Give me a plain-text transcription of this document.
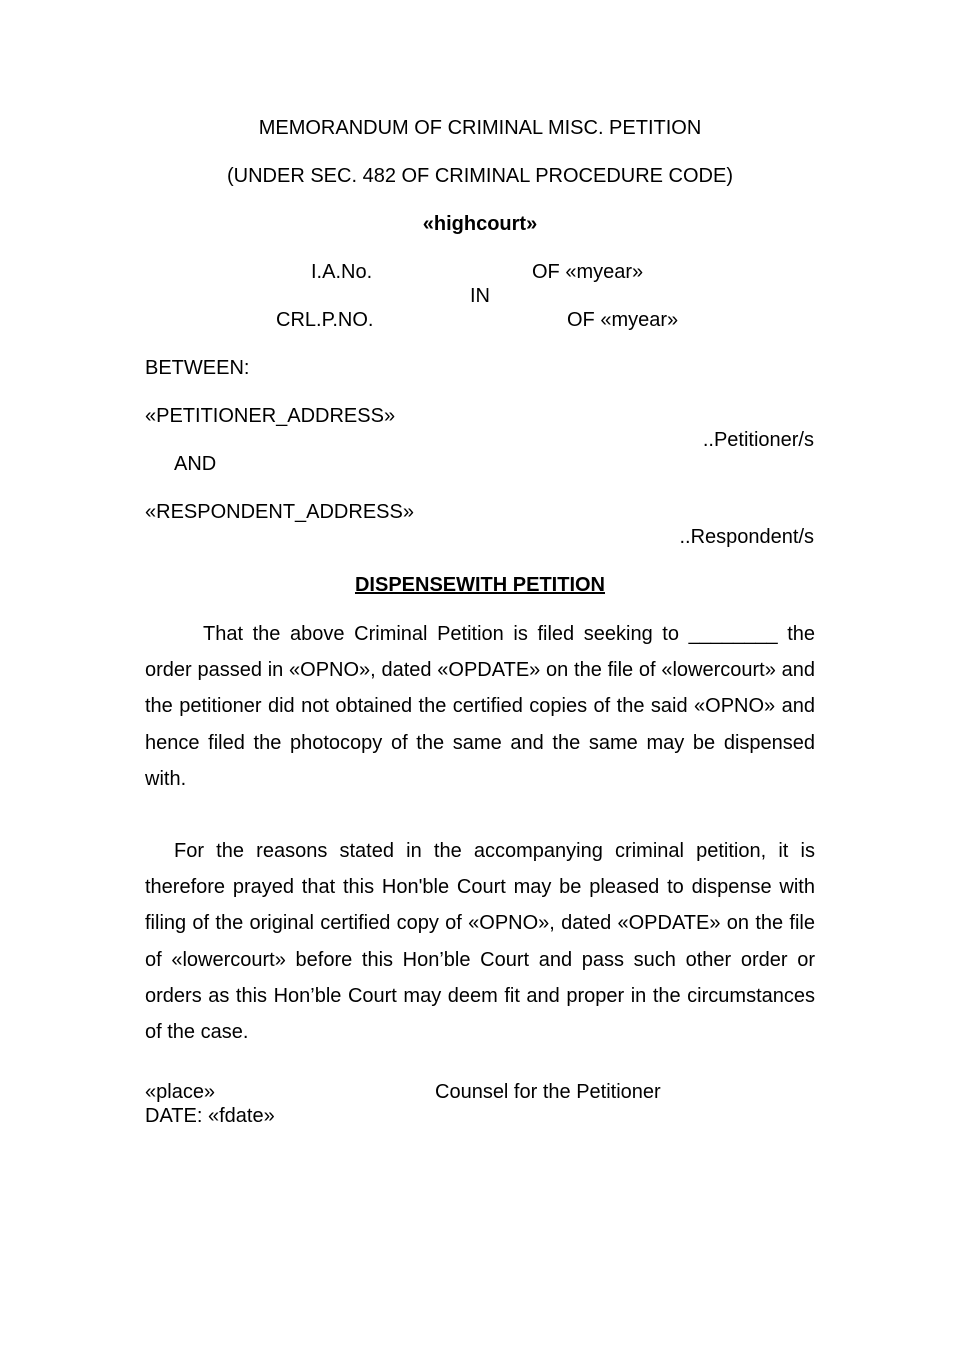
MEMORANDUM OF CRIMINAL MISC. PETITION
(UNDER SEC. 482 OF CRIMINAL PROCEDURE CODE)
«highcourt»
I.A.No.	OF «myear»
IN
CRL.P.NO.	OF «myear»
BETWEEN:
«PETITIONER_ADDRESS»
..Petitioner/s
AND
«RESPONDENT_ADDRESS»
..Respondent/s
DISPENSEWITH PETITION

That the above Criminal Petition is filed seeking to ________ the order passed in «OPNO», dated «OPDATE» on the file of «lowercourt» and the petitioner did not obtained the certified copies of the said «OPNO» and hence filed the photocopy of the same and the same may be dispensed with.

For the reasons stated in the accompanying criminal petition, it is therefore prayed that this Hon'ble Court may be pleased to dispense with filing of the original certified copy of «OPNO», dated «OPDATE» on the file of «lowercourt» before this Hon’ble Court and pass such other order or orders as this Hon’ble Court may deem fit and proper in the circumstances of the case.

«place»	Counsel for the Petitioner
DATE: «fdate»
